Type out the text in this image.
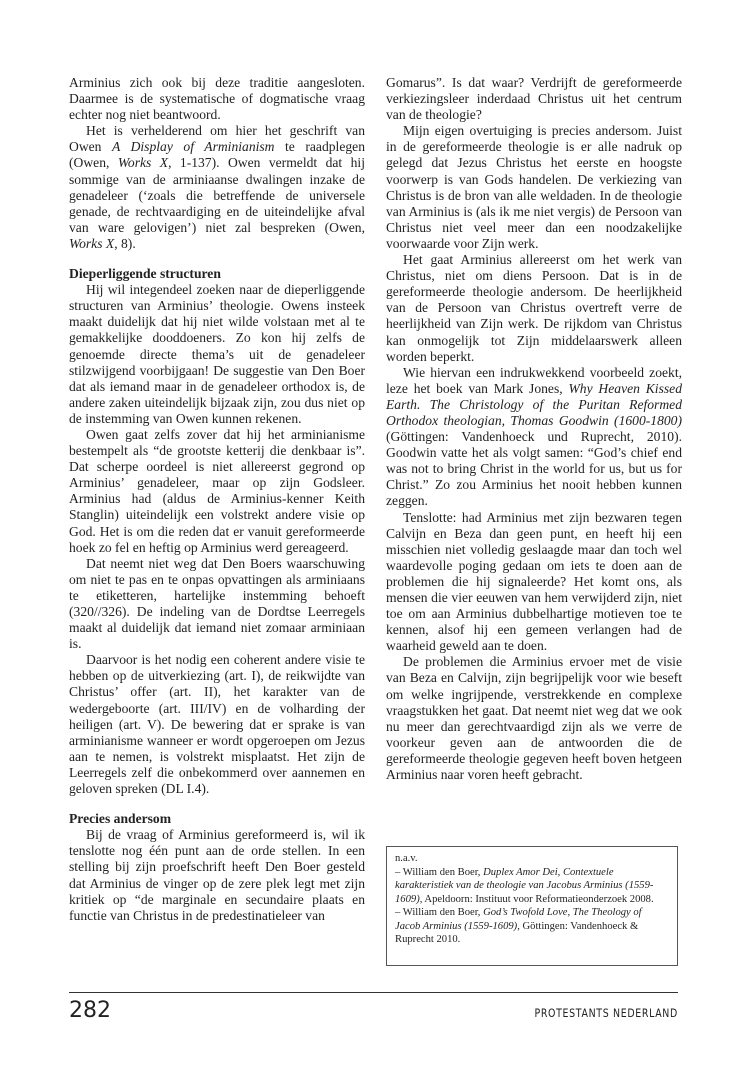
Arminius zich ook bij deze traditie aangesloten. Daarmee is de systematische of dogmatische vraag echter nog niet beantwoord.

Het is verhelderend om hier het geschrift van Owen A Display of Arminianism te raadplegen (Owen, Works X, 1-137). Owen vermeldt dat hij sommige van de arminiaanse dwalingen inzake de genadeleer (‘zoals die betreffende de universele genade, de rechtvaardiging en de uiteindelijke afval van ware gelovigen’) niet zal bespreken (Owen, Works X, 8).

Dieperliggende structuren

Hij wil integendeel zoeken naar de dieperliggende structuren van Arminius’ theologie. Owens insteek maakt duidelijk dat hij niet wilde volstaan met al te gemakkelijke dooddoeners. Zo kon hij zelfs de genoemde directe thema’s uit de genadeleer stilzwijgend voorbijgaan! De suggestie van Den Boer dat als iemand maar in de genadeleer orthodox is, de andere zaken uiteindelijk bijzaak zijn, zou dus niet op de instemming van Owen kunnen rekenen.

Owen gaat zelfs zover dat hij het arminianisme bestempelt als “de grootste ketterij die denkbaar is”. Dat scherpe oordeel is niet allereerst gegrond op Arminius’ genadeleer, maar op zijn Godsleer. Arminius had (aldus de Arminius-kenner Keith Stanglin) uiteindelijk een volstrekt andere visie op God. Het is om die reden dat er vanuit gereformeerde hoek zo fel en heftig op Arminius werd gereageerd.

Dat neemt niet weg dat Den Boers waarschuwing om niet te pas en te onpas opvattingen als arminiaans te etiketteren, hartelijke instemming behoeft (320//326). De indeling van de Dordtse Leerregels maakt al duidelijk dat iemand niet zomaar arminiaan is.

Daarvoor is het nodig een coherent andere visie te hebben op de uitverkiezing (art. I), de reikwijdte van Christus’ offer (art. II), het karakter van de wedergeboorte (art. III/IV) en de volharding der heiligen (art. V). De bewering dat er sprake is van arminianisme wanneer er wordt opgeroepen om Jezus aan te nemen, is volstrekt misplaatst. Het zijn de Leerregels zelf die onbekommerd over aannemen en geloven spreken (DL I.4).

Precies andersom

Bij de vraag of Arminius gereformeerd is, wil ik tenslotte nog één punt aan de orde stellen. In een stelling bij zijn proefschrift heeft Den Boer gesteld dat Arminius de vinger op de zere plek legt met zijn kritiek op “de marginale en secundaire plaats en functie van Christus in de predestinatieleer van

Gomarus”. Is dat waar? Verdrijft de gereformeerde verkiezingsleer inderdaad Christus uit het centrum van de theologie?

Mijn eigen overtuiging is precies andersom. Juist in de gereformeerde theologie is er alle nadruk op gelegd dat Jezus Christus het eerste en hoogste voorwerp is van Gods handelen. De verkiezing van Christus is de bron van alle weldaden. In de theologie van Arminius is (als ik me niet vergis) de Persoon van Christus niet veel meer dan een noodzakelijke voorwaarde voor Zijn werk.

Het gaat Arminius allereerst om het werk van Christus, niet om diens Persoon. Dat is in de gereformeerde theologie andersom. De heerlijkheid van de Persoon van Christus overtreft verre de heerlijkheid van Zijn werk. De rijkdom van Christus kan onmogelijk tot Zijn middelaarswerk alleen worden beperkt.

Wie hiervan een indrukwekkend voorbeeld zoekt, leze het boek van Mark Jones, Why Heaven Kissed Earth. The Christology of the Puritan Reformed Orthodox theologian, Thomas Goodwin (1600-1800) (Göttingen: Vandenhoeck und Ruprecht, 2010). Goodwin vatte het als volgt samen: “God’s chief end was not to bring Christ in the world for us, but us for Christ.” Zo zou Arminius het nooit hebben kunnen zeggen.

Tenslotte: had Arminius met zijn bezwaren tegen Calvijn en Beza dan geen punt, en heeft hij een misschien niet volledig geslaagde maar dan toch wel waardevolle poging gedaan om iets te doen aan de problemen die hij signaleerde? Het komt ons, als mensen die vier eeuwen van hem verwijderd zijn, niet toe om aan Arminius dubbelhartige motieven toe te kennen, alsof hij een gemeen verlangen had de waarheid geweld aan te doen.

De problemen die Arminius ervoer met de visie van Beza en Calvijn, zijn begrijpelijk voor wie beseft om welke ingrijpende, verstrekkende en complexe vraagstukken het gaat. Dat neemt niet weg dat we ook nu meer dan gerechtvaardigd zijn als we verre de voorkeur geven aan de antwoorden die de gereformeerde theologie gegeven heeft boven hetgeen Arminius naar voren heeft gebracht.

n.a.v.

– William den Boer, Duplex Amor Dei, Contextuele karakteristiek van de theologie van Jacobus Arminius (1559-1609), Apeldoorn: Instituut voor Reformatieonderzoek 2008.

– William den Boer, God’s Twofold Love, The Theology of Jacob Arminius (1559-1609), Göttingen: Vandenhoeck & Ruprecht 2010.

282	PROTESTANTS NEDERLAND
